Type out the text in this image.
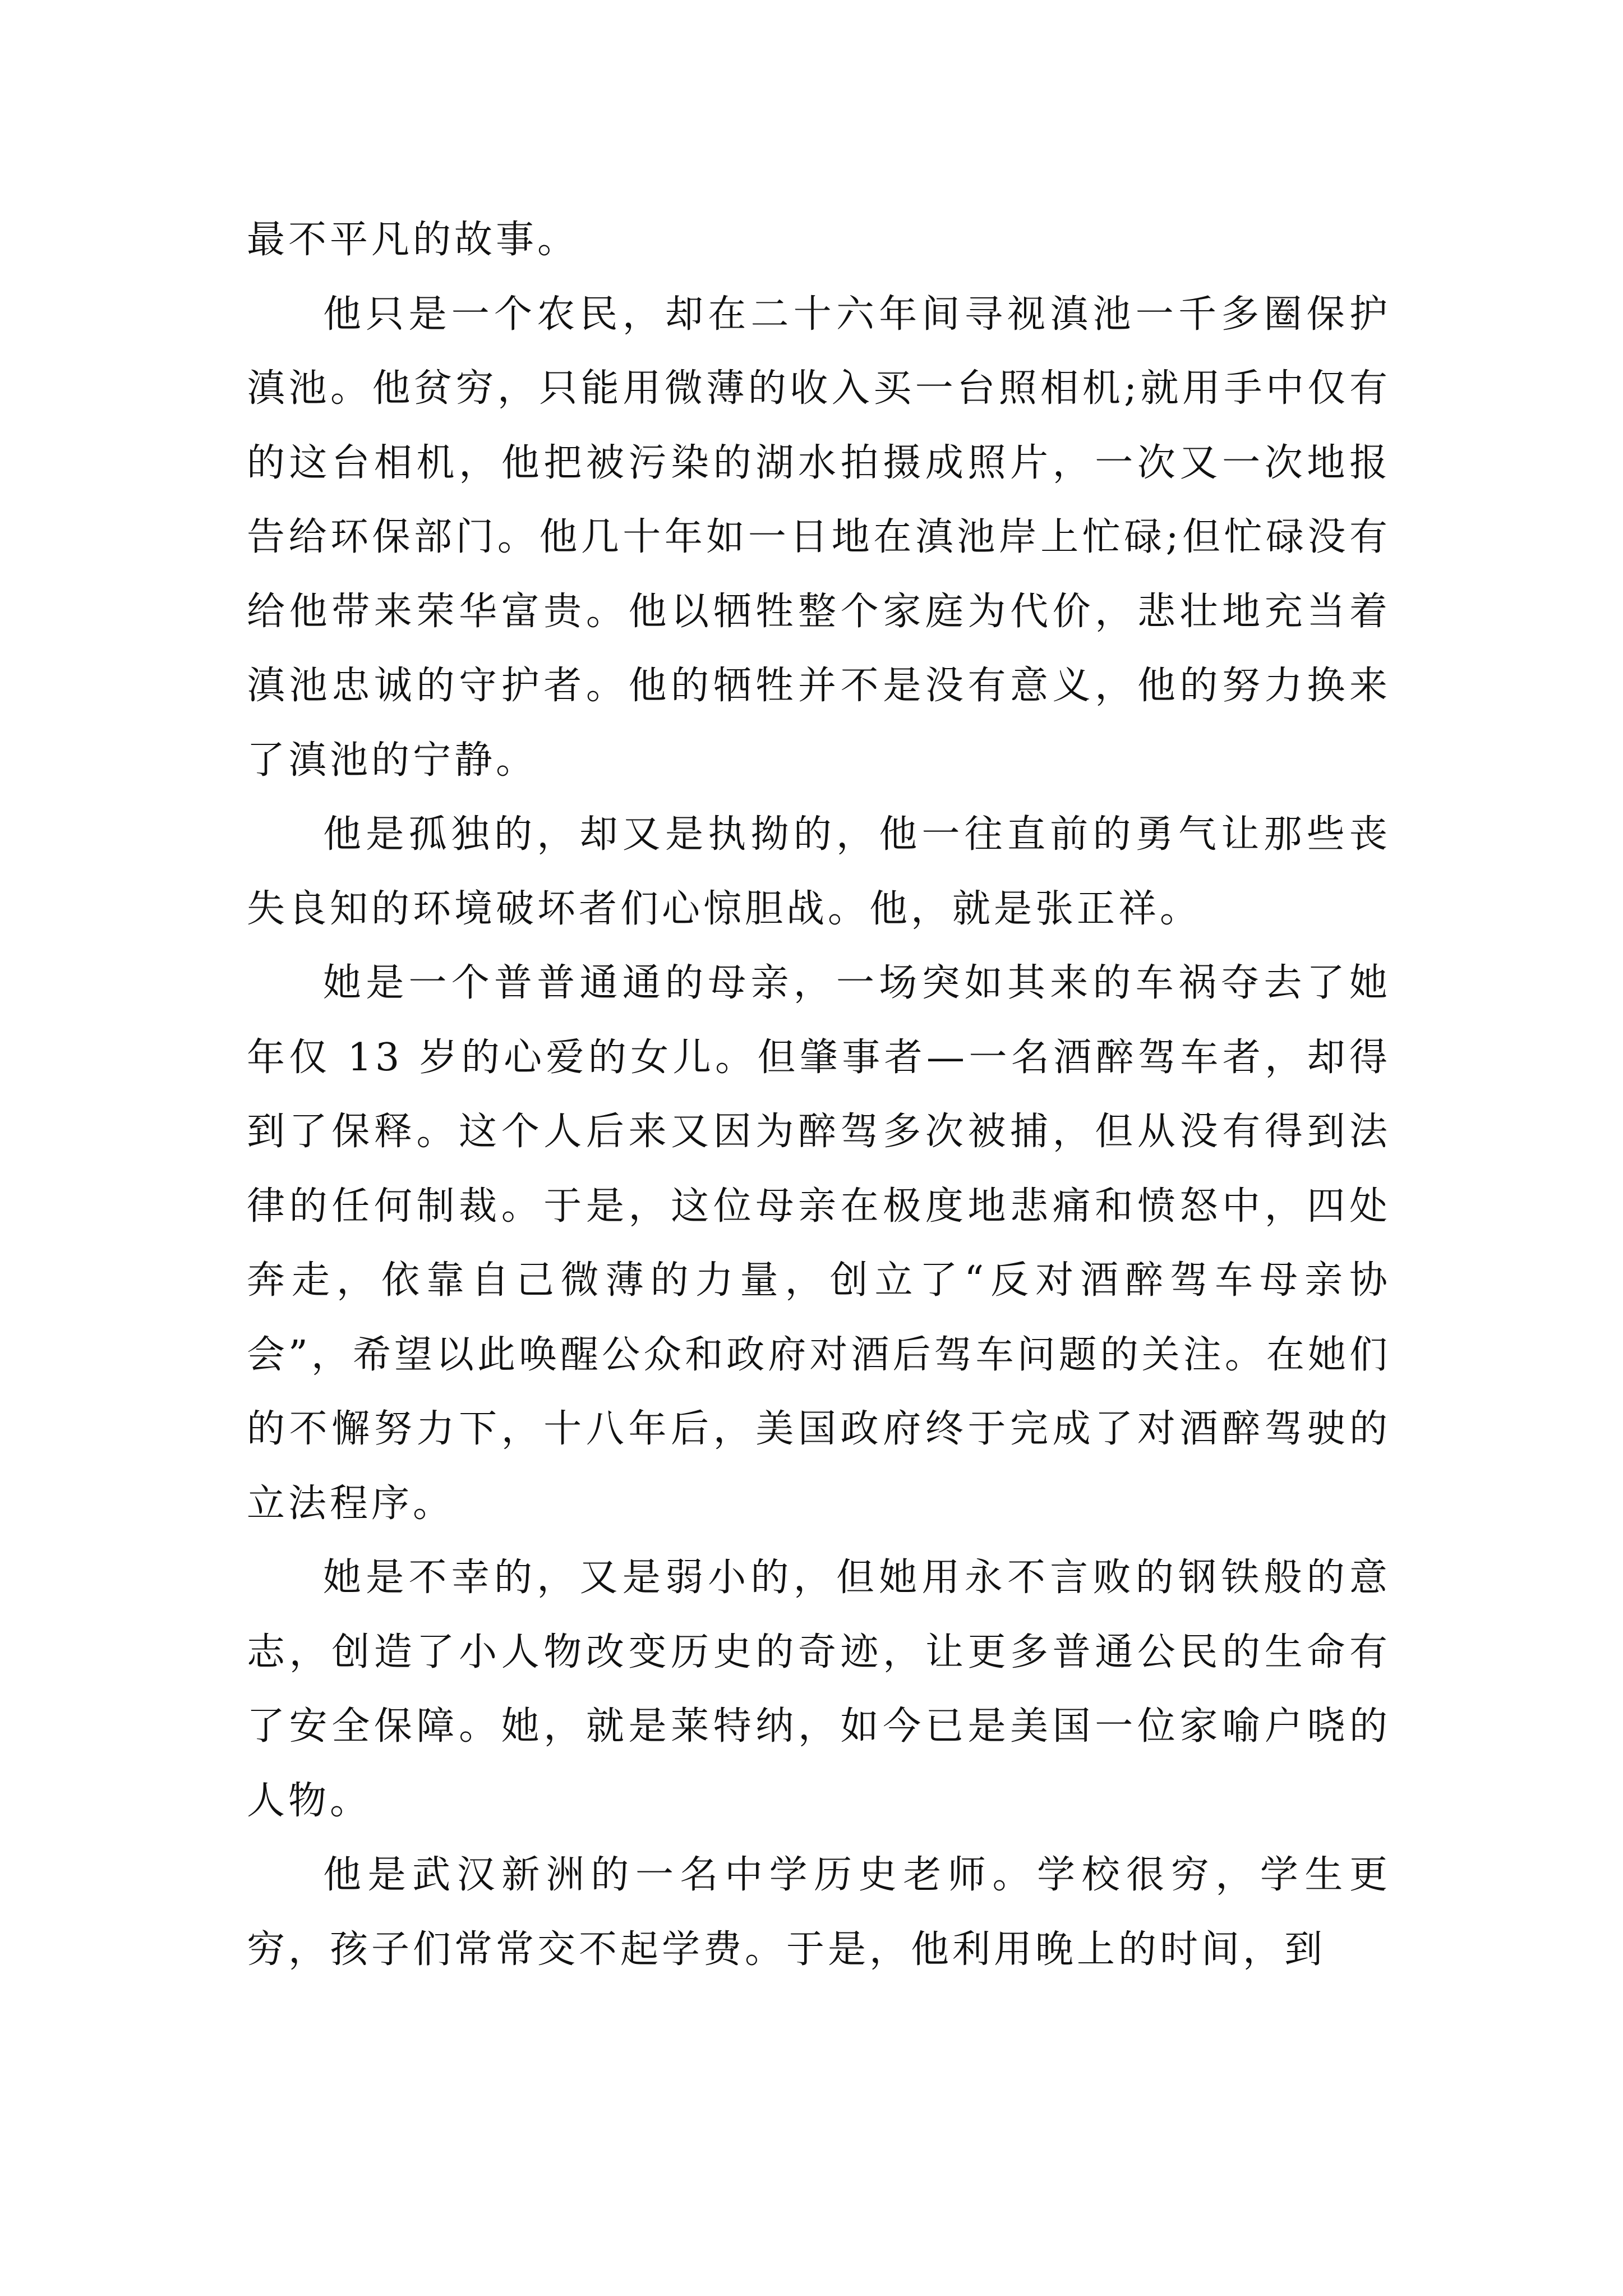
最不平凡的故事。

他只是一个农民，却在二十六年间寻视滇池一千多圈保护滇池。他贫穷，只能用微薄的收入买一台照相机;就用手中仅有的这台相机，他把被污染的湖水拍摄成照片，一次又一次地报告给环保部门。他几十年如一日地在滇池岸上忙碌;但忙碌没有给他带来荣华富贵。他以牺牲整个家庭为代价，悲壮地充当着滇池忠诚的守护者。他的牺牲并不是没有意义，他的努力换来了滇池的宁静。

他是孤独的，却又是执拗的，他一往直前的勇气让那些丧失良知的环境破坏者们心惊胆战。他，就是张正祥。

她是一个普普通通的母亲，一场突如其来的车祸夺去了她年仅 13 岁的心爱的女儿。但肇事者—一名酒醉驾车者，却得到了保释。这个人后来又因为醉驾多次被捕，但从没有得到法律的任何制裁。于是，这位母亲在极度地悲痛和愤怒中，四处奔走，依靠自己微薄的力量，创立了“反对酒醉驾车母亲协会”，希望以此唤醒公众和政府对酒后驾车问题的关注。在她们的不懈努力下，十八年后，美国政府终于完成了对酒醉驾驶的立法程序。

她是不幸的，又是弱小的，但她用永不言败的钢铁般的意志，创造了小人物改变历史的奇迹，让更多普通公民的生命有了安全保障。她，就是莱特纳，如今已是美国一位家喻户晓的人物。

他是武汉新洲的一名中学历史老师。学校很穷，学生更穷，孩子们常常交不起学费。于是，他利用晚上的时间，到
